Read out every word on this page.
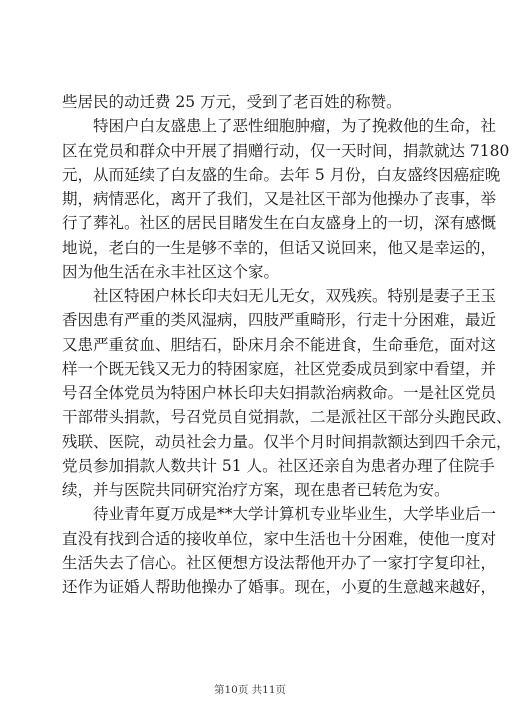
些居民的动迁费 25 万元，受到了老百姓的称赞。
特困户白友盛患上了恶性细胞肿瘤，为了挽救他的生命，社
区在党员和群众中开展了捐赠行动，仅一天时间，捐款就达 7180
元，从而延续了白友盛的生命。去年 5 月份，白友盛终因癌症晚
期，病情恶化，离开了我们，又是社区干部为他操办了丧事，举
行了葬礼。社区的居民目睹发生在白友盛身上的一切，深有感慨
地说，老白的一生是够不幸的，但话又说回来，他又是幸运的，
因为他生活在永丰社区这个家。
社区特困户林长印夫妇无儿无女，双残疾。特别是妻子王玉
香因患有严重的类风湿病，四肢严重畸形，行走十分困难，最近
又患严重贫血、胆结石，卧床月余不能进食，生命垂危，面对这
样一个既无钱又无力的特困家庭，社区党委成员到家中看望，并
号召全体党员为特困户林长印夫妇捐款治病救命。一是社区党员
干部带头捐款，号召党员自觉捐款，二是派社区干部分头跑民政、
残联、医院，动员社会力量。仅半个月时间捐款额达到四千余元，
党员参加捐款人数共计 51 人。社区还亲自为患者办理了住院手
续，并与医院共同研究治疗方案，现在患者已转危为安。
待业青年夏万成是**大学计算机专业毕业生，大学毕业后一
直没有找到合适的接收单位，家中生活也十分困难，使他一度对
生活失去了信心。社区便想方设法帮他开办了一家打字复印社，
还作为证婚人帮助他操办了婚事。现在，小夏的生意越来越好，
第10页 共11页
